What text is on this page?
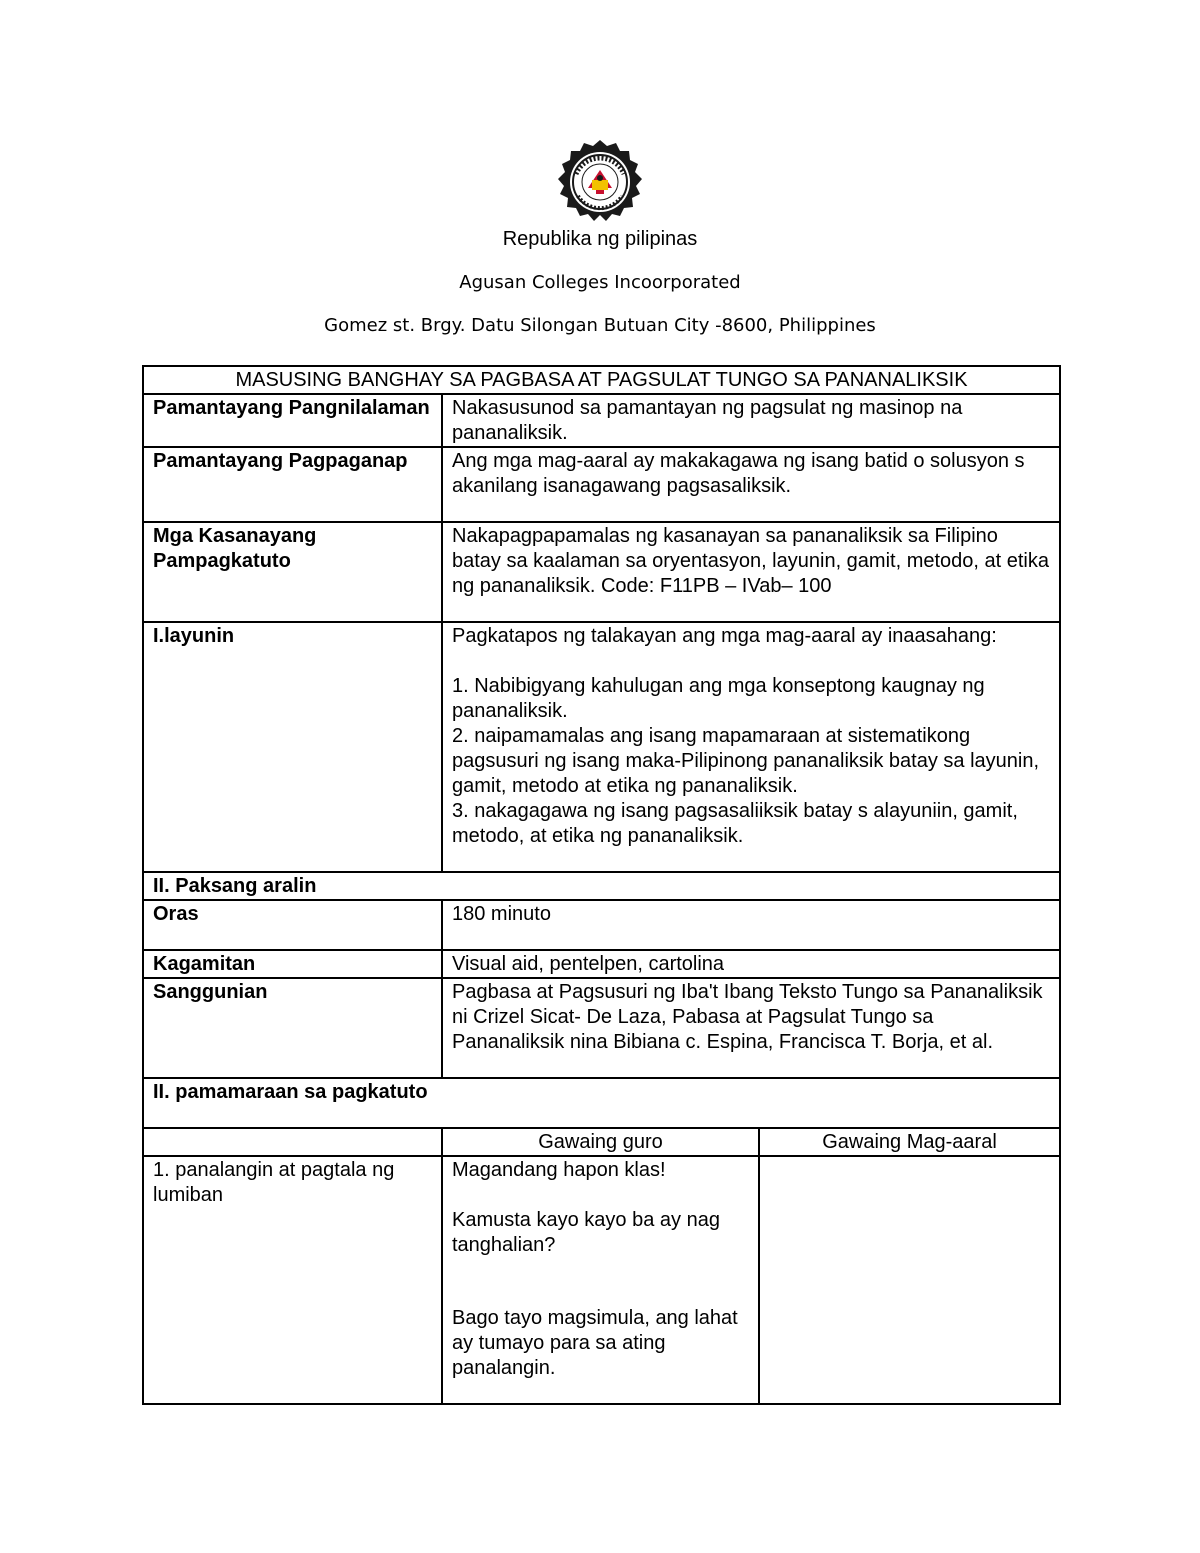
Republika ng pilipinas
Agusan Colleges Incoorporated
Gomez st. Brgy. Datu Silongan Butuan City -8600, Philippines
MASUSING BANGHAY SA PAGBASA AT PAGSULAT TUNGO SA PANANALIKSIK		
Pamantayang Pangnilalaman	Nakasusunod sa pamantayan ng pagsulat ng masinop na pananaliksik.	
Pamantayang Pagpaganap	Ang mga mag-aaral ay makakagawa ng isang batid o solusyon s akanilang isanagawang pagsasaliksik.	
Mga Kasanayang Pampagkatuto	Nakapagpapamalas ng kasanayan sa pananaliksik sa Filipino batay sa kaalaman sa oryentasyon, layunin, gamit, metodo, at etika ng pananaliksik. Code: F11PB – IVab– 100	
I.layunin	Pagkatapos ng talakayan ang mga mag-aaral ay inaasahang:
1. Nabibigyang kahulugan ang mga konseptong kaugnay ng pananaliksik.
2. naipamamalas ang isang mapamaraan at sistematikong pagsusuri ng isang maka-Pilipinong pananaliksik batay sa layunin, gamit, metodo at etika ng pananaliksik.
3. nakagagawa ng isang pagsasaliiksik batay s alayuniin, gamit, metodo, at etika ng pananaliksik.	

II. Paksang aralin		
Oras	180 minuto	
Kagamitan	Visual aid, pentelpen, cartolina	
Sanggunian	Pagbasa at Pagsusuri ng Iba't Ibang Teksto Tungo sa Pananaliksik ni Crizel Sicat- De Laza, Pabasa at Pagsulat Tungo sa Pananaliksik nina Bibiana c. Espina, Francisca T. Borja, et al.	
II. pamamaraan sa pagkatuto		
	Gawaing guro	Gawaing Mag-aaral
1. panalangin at pagtala ng lumiban	Magandang hapon klas!
Kamusta kayo kayo ba ay nag tanghalian?
Bago tayo magsimula, ang lahat ay tumayo para sa ating panalangin.	
